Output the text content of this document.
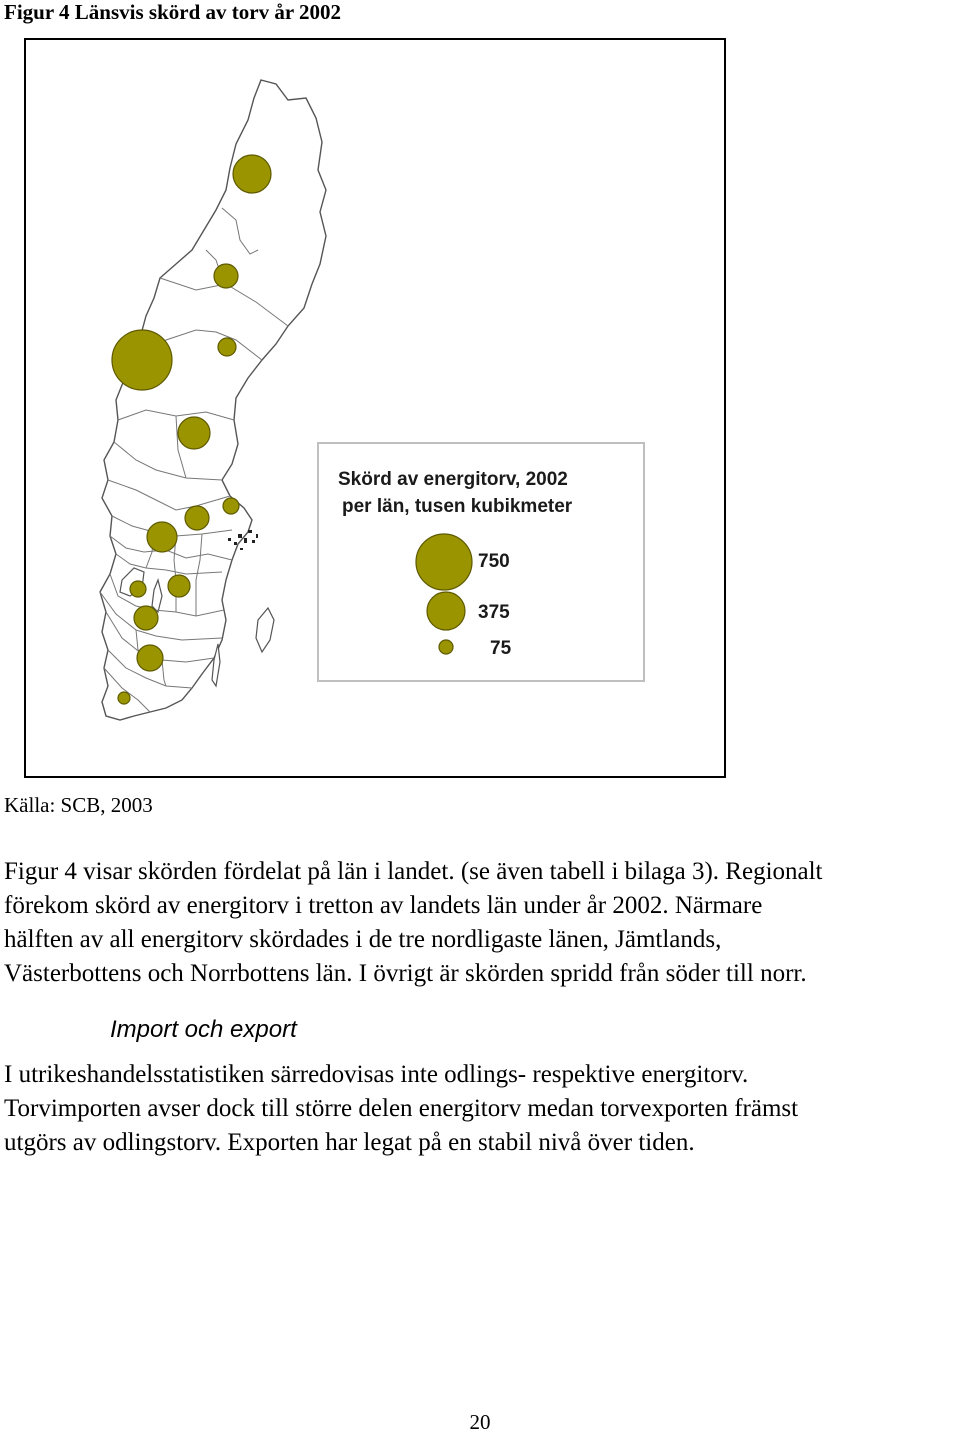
Figur 4 Länsvis skörd av torv år 2002
Skörd av energitorv, 2002
per län, tusen kubikmeter
750
375
75
Källa: SCB, 2003
Figur 4 visar skörden fördelat på län i landet. (se även tabell i bilaga 3). Regionalt
förekom skörd av energitorv i tretton av landets län under år 2002. Närmare
hälften av all energitorv skördades i de tre nordligaste länen, Jämtlands,
Västerbottens och Norrbottens län. I övrigt är skörden spridd från söder till norr.
Import och export
I utrikeshandelsstatistiken särredovisas inte odlings- respektive energitorv.
Torvimporten avser dock till större delen energitorv medan torvexporten främst
utgörs av odlingstorv. Exporten har legat på en stabil nivå över tiden.
20
